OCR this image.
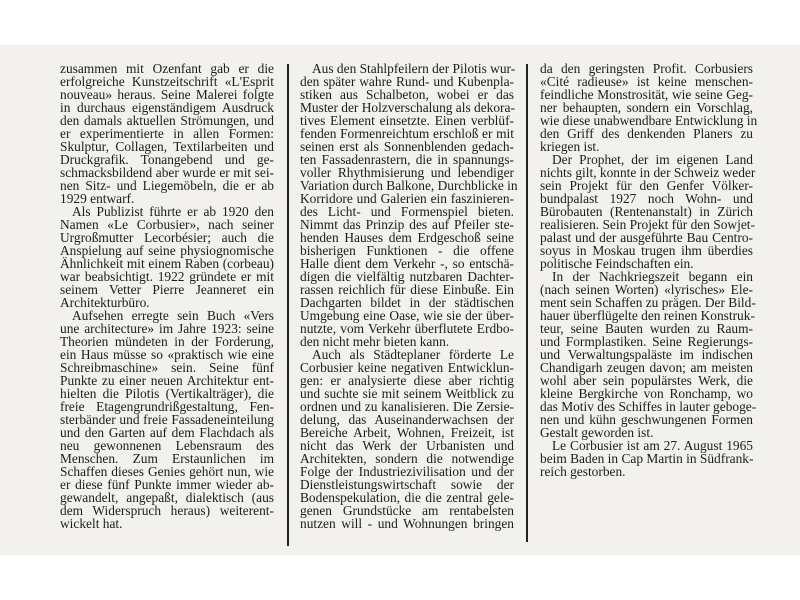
zusammen mit Ozenfant gab er die
erfolgreiche Kunstzeitschrift «L'Esprit
nouveau» heraus. Seine Malerei folgte
in durchaus eigenständigem Ausdruck
den damals aktuellen Strömungen, und
er experimentierte in allen Formen:
Skulptur, Collagen, Textilarbeiten und
Druckgrafik. Tonangebend und ge-
schmacksbildend aber wurde er mit sei-
nen Sitz- und Liegemöbeln, die er ab
1929 entwarf.
Als Publizist führte er ab 1920 den
Namen «Le Corbusier», nach seiner
Urgroßmutter Lecorbésier; auch die
Anspielung auf seine physiognomische
Ähnlichkeit mit einem Raben (corbeau)
war beabsichtigt. 1922 gründete er mit
seinem Vetter Pierre Jeanneret ein
Architekturbüro.
Aufsehen erregte sein Buch «Vers
une architecture» im Jahre 1923: seine
Theorien mündeten in der Forderung,
ein Haus müsse so «praktisch wie eine
Schreibmaschine» sein. Seine fünf
Punkte zu einer neuen Architektur ent-
hielten die Pilotis (Vertikalträger), die
freie Etagengrundrißgestaltung, Fen-
sterbänder und freie Fassadeneinteilung
und den Garten auf dem Flachdach als
neu gewonnenen Lebensraum des
Menschen. Zum Erstaunlichen im
Schaffen dieses Genies gehört nun, wie
er diese fünf Punkte immer wieder ab-
gewandelt, angepaßt, dialektisch (aus
dem Widerspruch heraus) weiterent-
wickelt hat.
Aus den Stahlpfeilern der Pilotis wur-
den später wahre Rund- und Kubenpla-
stiken aus Schalbeton, wobei er das
Muster der Holzverschalung als dekora-
tives Element einsetzte. Einen verblüf-
fenden Formenreichtum erschloß er mit
seinen erst als Sonnenblenden gedach-
ten Fassadenrastern, die in spannungs-
voller Rhythmisierung und lebendiger
Variation durch Balkone, Durchblicke in
Korridore und Galerien ein faszinieren-
des Licht- und Formenspiel bieten.
Nimmt das Prinzip des auf Pfeiler ste-
henden Hauses dem Erdgeschoß seine
bisherigen Funktionen - die offene
Halle dient dem Verkehr -, so entschä-
digen die vielfältig nutzbaren Dachter-
rassen reichlich für diese Einbuße. Ein
Dachgarten bildet in der städtischen
Umgebung eine Oase, wie sie der über-
nutzte, vom Verkehr überflutete Erdbo-
den nicht mehr bieten kann.
Auch als Städteplaner förderte Le
Corbusier keine negativen Entwicklun-
gen: er analysierte diese aber richtig
und suchte sie mit seinem Weitblick zu
ordnen und zu kanalisieren. Die Zersie-
delung, das Auseinanderwachsen der
Bereiche Arbeit, Wohnen, Freizeit, ist
nicht das Werk der Urbanisten und
Architekten, sondern die notwendige
Folge der Industriezivilisation und der
Dienstleistungswirtschaft sowie der
Bodenspekulation, die die zentral gele-
genen Grundstücke am rentabelsten
nutzen will - und Wohnungen bringen
da den geringsten Profit. Corbusiers
«Cité radieuse» ist keine menschen-
feindliche Monstrosität, wie seine Geg-
ner behaupten, sondern ein Vorschlag,
wie diese unabwendbare Entwicklung in
den Griff des denkenden Planers zu
kriegen ist.
Der Prophet, der im eigenen Land
nichts gilt, konnte in der Schweiz weder
sein Projekt für den Genfer Völker-
bundpalast 1927 noch Wohn- und
Bürobauten (Rentenanstalt) in Zürich
realisieren. Sein Projekt für den Sowjet-
palast und der ausgeführte Bau Centro-
soyus in Moskau trugen ihm überdies
politische Feindschaften ein.
In der Nachkriegszeit begann ein
(nach seinen Worten) «lyrisches» Ele-
ment sein Schaffen zu prägen. Der Bild-
hauer überflügelte den reinen Konstruk-
teur, seine Bauten wurden zu Raum-
und Formplastiken. Seine Regierungs-
und Verwaltungspaläste im indischen
Chandigarh zeugen davon; am meisten
wohl aber sein populärstes Werk, die
kleine Bergkirche von Ronchamp, wo
das Motiv des Schiffes in lauter geboge-
nen und kühn geschwungenen Formen
Gestalt geworden ist.
Le Corbusier ist am 27. August 1965
beim Baden in Cap Martin in Südfrank-
reich gestorben.
